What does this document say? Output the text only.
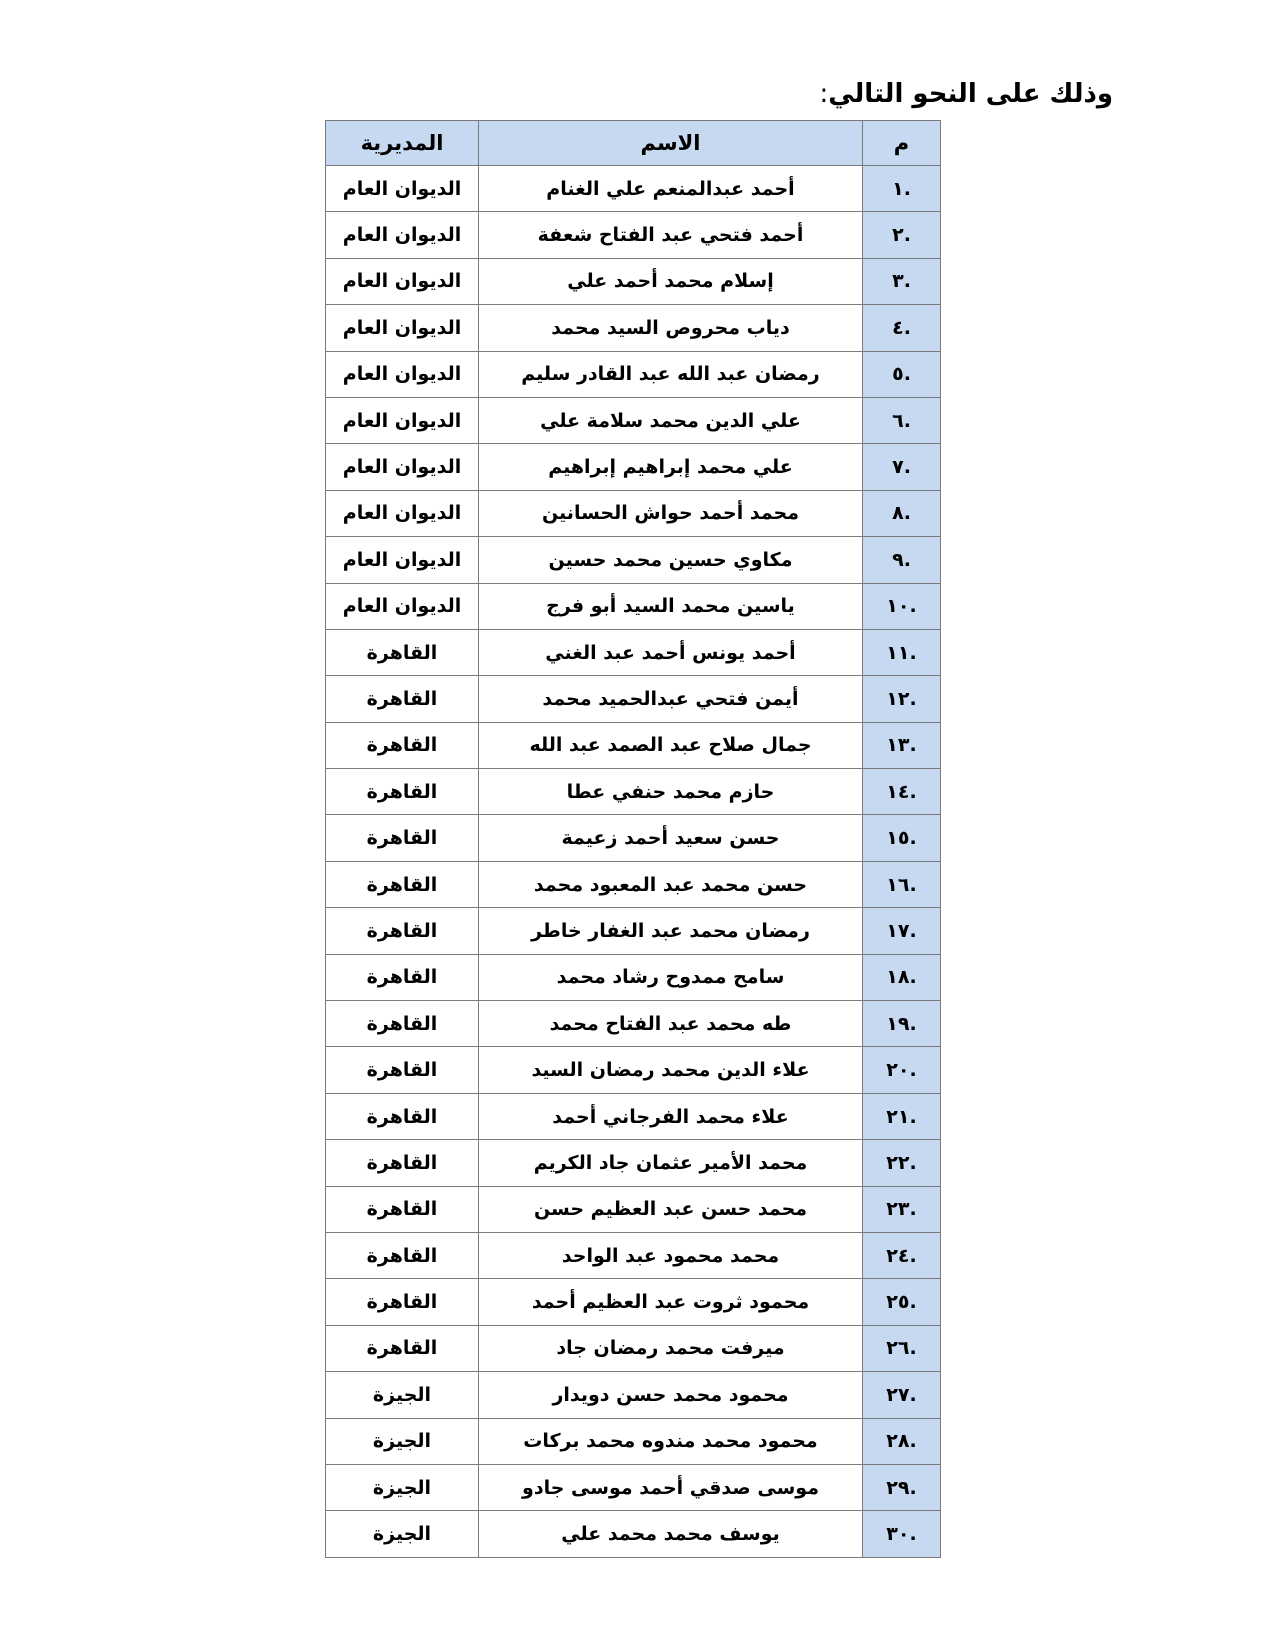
وذلك على النحو التالي:
م	الاسم	المديرية
.١	أحمد عبدالمنعم علي الغنام	الديوان العام
.٢	أحمد فتحي عبد الفتاح شعفة	الديوان العام
.٣	إسلام محمد أحمد علي	الديوان العام
.٤	دياب محروص السيد محمد	الديوان العام
.٥	رمضان عبد الله عبد القادر سليم	الديوان العام
.٦	علي الدين محمد سلامة علي	الديوان العام
.٧	علي محمد إبراهيم إبراهيم	الديوان العام
.٨	محمد أحمد حواش الحسانين	الديوان العام
.٩	مكاوي حسين محمد حسين	الديوان العام
.١٠	ياسين محمد السيد أبو فرج	الديوان العام
.١١	أحمد يونس أحمد عبد الغني	القاهرة
.١٢	أيمن فتحي عبدالحميد محمد	القاهرة
.١٣	جمال صلاح عبد الصمد عبد الله	القاهرة
.١٤	حازم محمد حنفي عطا	القاهرة
.١٥	حسن سعيد أحمد زعيمة	القاهرة
.١٦	حسن محمد عبد المعبود محمد	القاهرة
.١٧	رمضان محمد عبد الغفار خاطر	القاهرة
.١٨	سامح ممدوح رشاد محمد	القاهرة
.١٩	طه محمد عبد الفتاح محمد	القاهرة
.٢٠	علاء الدين محمد رمضان السيد	القاهرة
.٢١	علاء محمد الفرجاني أحمد	القاهرة
.٢٢	محمد الأمير عثمان جاد الكريم	القاهرة
.٢٣	محمد حسن عبد العظيم حسن	القاهرة
.٢٤	محمد محمود عبد الواحد	القاهرة
.٢٥	محمود ثروت عبد العظيم أحمد	القاهرة
.٢٦	ميرفت محمد رمضان جاد	القاهرة
.٢٧	محمود محمد حسن دويدار	الجيزة
.٢٨	محمود محمد مندوه محمد بركات	الجيزة
.٢٩	موسى صدقي أحمد موسى جادو	الجيزة
.٣٠	يوسف محمد محمد علي	الجيزة
